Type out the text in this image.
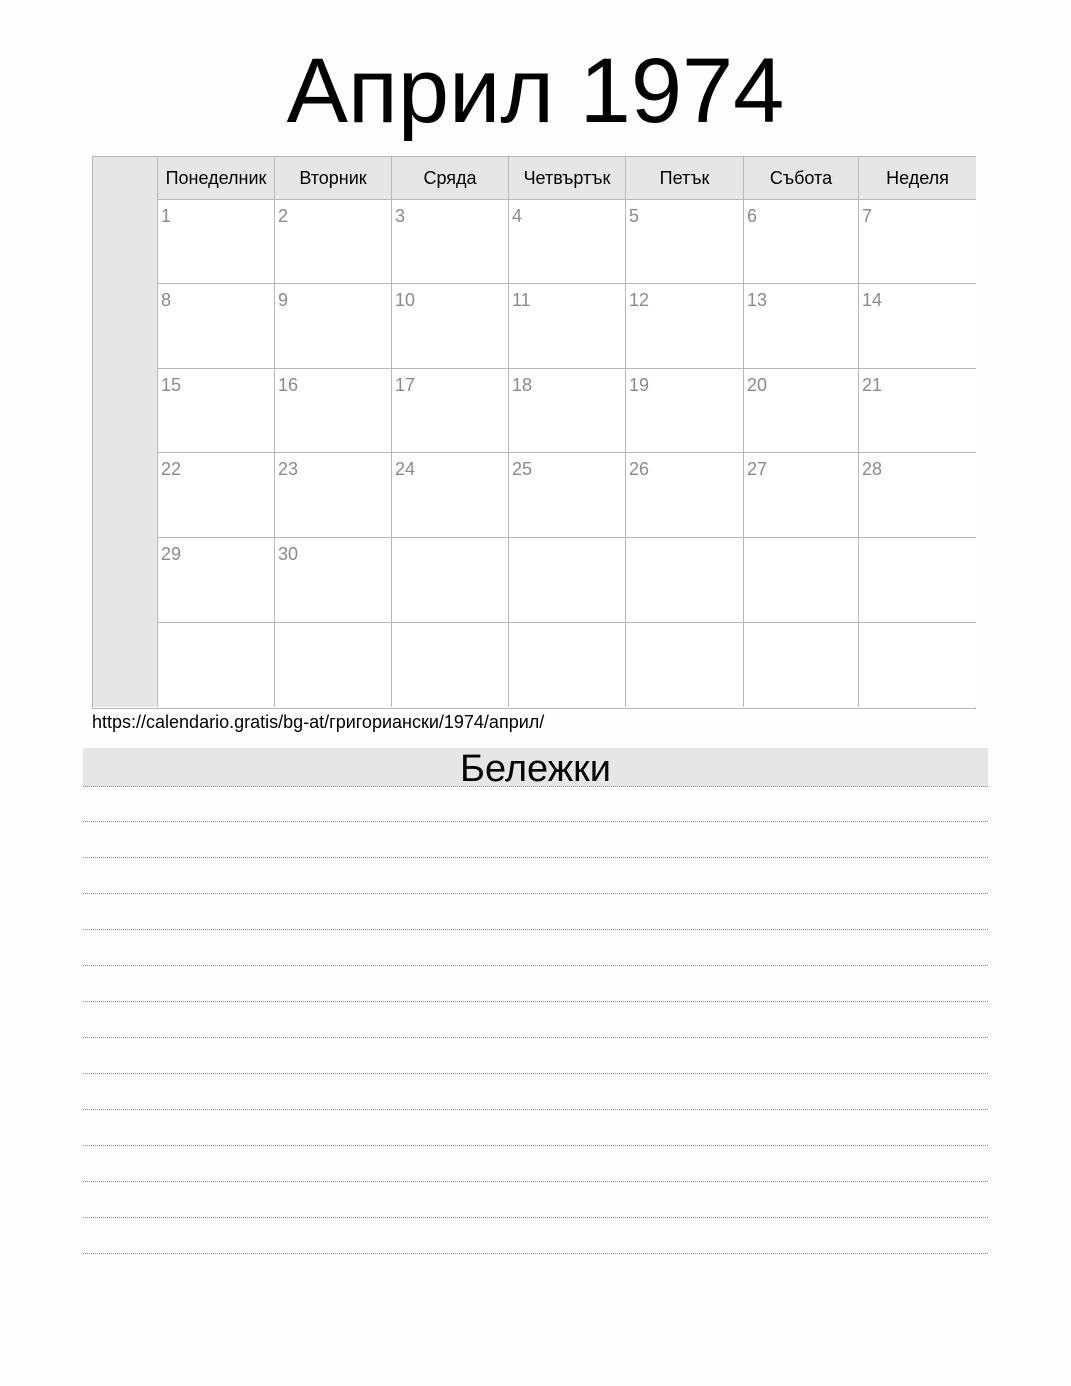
Април 1974
Понеделник	Вторник	Сряда	Четвъртък	Петък	Събота	Неделя
1	2	3	4	5	6	7
8	9	10	11	12	13	14
15	16	17	18	19	20	21
22	23	24	25	26	27	28
29	30
https://calendario.gratis/bg-at/григориански/1974/април/
Бележки
